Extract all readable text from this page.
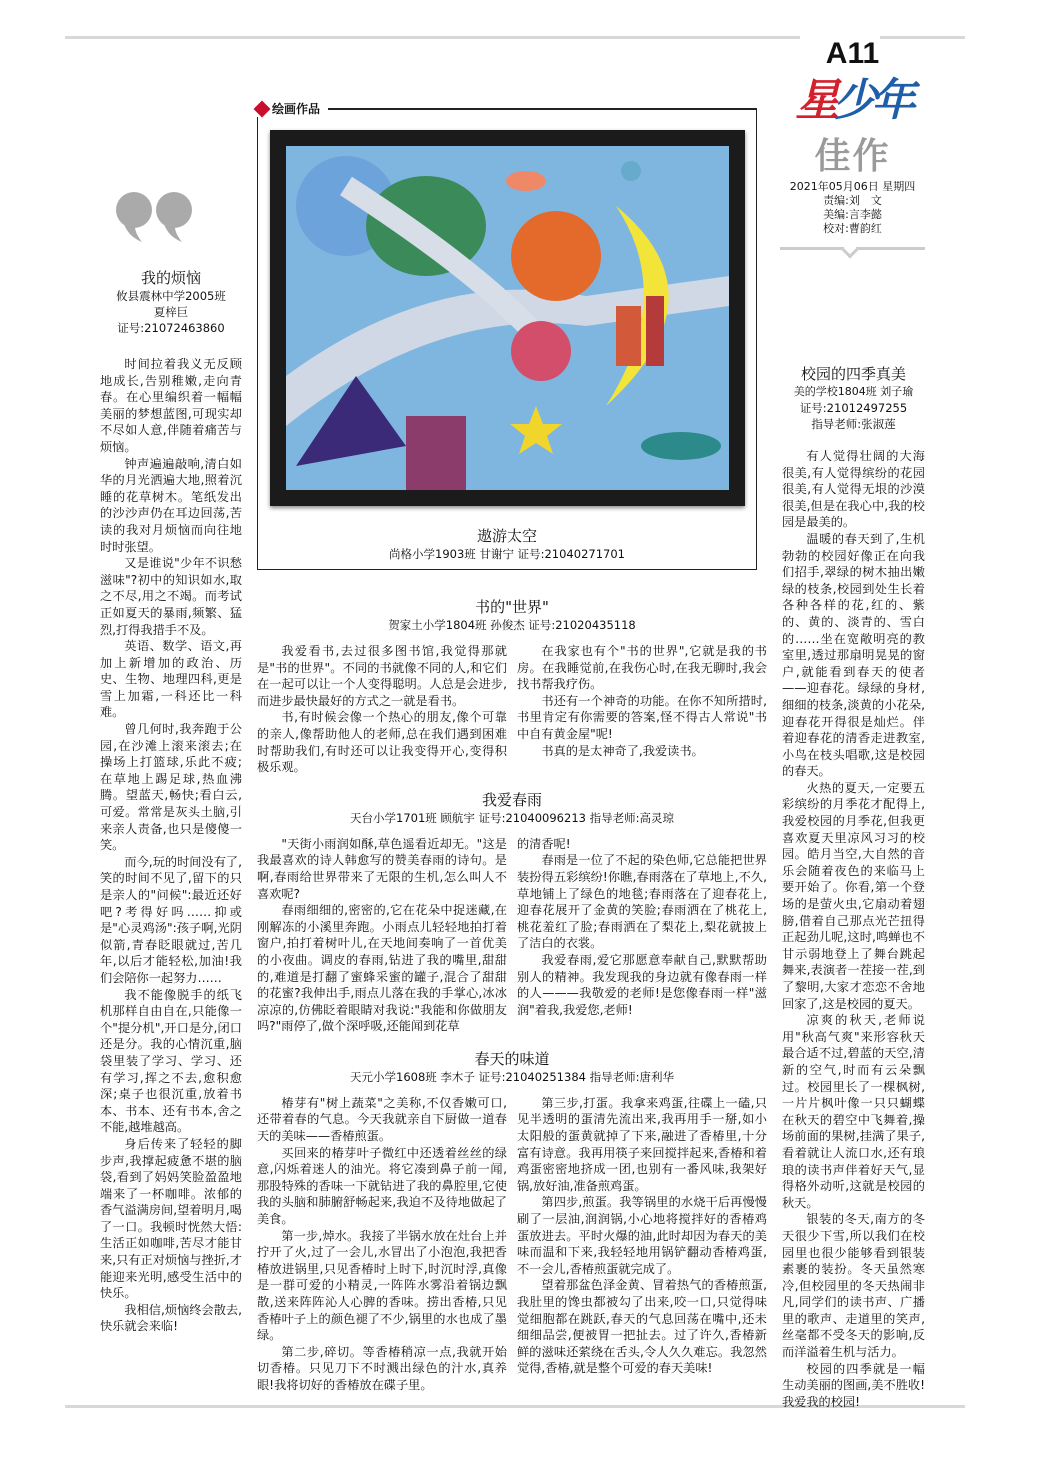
A11
星少年
佳作
2021年05月06日 星期四
责编:刘　文
美编:言李懿
校对:曹韵红
我的烦恼
攸县震林中学2005班
夏梓巨
证号:21072463860

时间拉着我义无反顾地成长,告别稚嫩,走向青春。在心里编织着一幅幅美丽的梦想蓝图,可现实却不尽如人意,伴随着痛苦与烦恼。

钟声遍遍敲响,清白如华的月光洒遍大地,照着沉睡的花草树木。笔纸发出的沙沙声仍在耳边回荡,苦读的我对月烦恼而向往地时时张望。

又是谁说"少年不识愁滋味"?初中的知识如水,取之不尽,用之不竭。而考试正如夏天的暴雨,频繁、猛烈,打得我措手不及。

英语、数学、语文,再加上新增加的政治、历史、生物、地理四科,更是雪上加霜,一科还比一科难。

曾几何时,我奔跑于公园,在沙滩上滚来滚去;在操场上打篮球,乐此不疲;在草地上踢足球,热血沸腾。望蓝天,畅快;看白云,可爱。常常是灰头土脑,引来亲人责备,也只是傻傻一笑。

而今,玩的时间没有了,笑的时间不见了,留下的只是亲人的"问候":最近还好吧?考得好吗……抑或是"心灵鸡汤":孩子啊,光阴似箭,青春眨眼就过,苦几年,以后才能轻松,加油!我们会陪你一起努力……

我不能像脱手的纸飞机那样自由自在,只能像一个"提分机",开口是分,闭口还是分。我的心情沉重,脑袋里装了学习、学习、还有学习,挥之不去,愈积愈深;桌子也很沉重,放着书本、书本、还有书本,舍之不能,越堆越高。

身后传来了轻轻的脚步声,我撑起疲惫不堪的脑袋,看到了妈妈笑脸盈盈地端来了一杯咖啡。浓郁的香气溢满房间,望着明月,喝了一口。我顿时恍然大悟:生活正如咖啡,苦尽才能甘来,只有正对烦恼与挫折,才能迎来光明,感受生活中的快乐。

我相信,烦恼终会散去,快乐就会来临!

绘画作品
遨游太空
尚格小学1903班 甘谢宁 证号:21040271701
书的"世界"
贺家土小学1804班 孙俊杰 证号:21020435118

我爱看书,去过很多图书馆,我觉得那就是"书的世界"。不同的书就像不同的人,和它们在一起可以让一个人变得聪明。人总是会进步,而进步最快最好的方式之一就是看书。

书,有时候会像一个热心的朋友,像个可靠的亲人,像帮助他人的老师,总在我们遇到困难时帮助我们,有时还可以让我变得开心,变得积极乐观。

在我家也有个"书的世界",它就是我的书房。在我睡觉前,在我伤心时,在我无聊时,我会找书帮我疗伤。

书还有一个神奇的功能。在你不知所措时,书里肯定有你需要的答案,怪不得古人常说"书中自有黄金屋"呢!

书真的是太神奇了,我爱读书。

我爱春雨
天台小学1701班 顾航宇 证号:21040096213 指导老师:高灵琼

"天街小雨润如酥,草色遥看近却无。"这是我最喜欢的诗人韩愈写的赞美春雨的诗句。是啊,春雨给世界带来了无限的生机,怎么叫人不喜欢呢?

春雨细细的,密密的,它在花朵中捉迷藏,在刚解冻的小溪里奔跑。小雨点儿轻轻地拍打着窗户,拍打着树叶儿,在天地间奏响了一首优美的小夜曲。调皮的春雨,钻进了我的嘴里,甜甜的,难道是打翻了蜜蜂采蜜的罐子,混合了甜甜的花蜜?我伸出手,雨点儿落在我的手掌心,冰冰凉凉的,仿佛眨着眼睛对我说:"我能和你做朋友吗?"雨停了,做个深呼吸,还能闻到花草

的清香呢!

春雨是一位了不起的染色师,它总能把世界装扮得五彩缤纷!你瞧,春雨落在了草地上,不久,草地铺上了绿色的地毯;春雨落在了迎春花上,迎春花展开了金黄的笑脸;春雨洒在了桃花上,桃花羞红了脸;春雨洒在了梨花上,梨花就披上了洁白的衣裳。

我爱春雨,爱它那愿意奉献自己,默默帮助别人的精神。我发现我的身边就有像春雨一样的人———我敬爱的老师!是您像春雨一样"滋润"着我,我爱您,老师!

春天的味道
天元小学1608班 李木子 证号:21040251384 指导老师:唐利华

椿芽有"树上蔬菜"之美称,不仅香嫩可口,还带着春的气息。今天我就亲自下厨做一道春天的美味——香椿煎蛋。

买回来的椿芽叶子微红中还透着丝丝的绿意,闪烁着迷人的油光。将它凑到鼻子前一闻,那股特殊的香味一下就钻进了我的鼻腔里,它使我的头脑和肺腑舒畅起来,我迫不及待地做起了美食。

第一步,焯水。我接了半锅水放在灶台上并拧开了火,过了一会儿,水冒出了小泡泡,我把香椿放进锅里,只见香椿时上时下,时沉时浮,真像是一群可爱的小精灵,一阵阵水雾沿着锅边飘散,送来阵阵沁人心脾的香味。捞出香椿,只见香椿叶子上的颜色褪了不少,锅里的水也成了墨绿。

第二步,碎切。等香椿稍凉一点,我就开始切香椿。只见刀下不时溅出绿色的汁水,真养眼!我将切好的香椿放在碟子里。

第三步,打蛋。我拿来鸡蛋,往碟上一磕,只见半透明的蛋清先流出来,我再用手一掰,如小太阳般的蛋黄就掉了下来,融进了香椿里,十分富有诗意。我再用筷子来回搅拌起来,香椿和着鸡蛋密密地挤成一团,也别有一番风味,我架好锅,放好油,准备煎鸡蛋。

第四步,煎蛋。我等锅里的水烧干后再慢慢刷了一层油,润润锅,小心地将搅拌好的香椿鸡蛋放进去。平时火爆的油,此时却因为春天的美味而温和下来,我轻轻地用锅铲翻动香椿鸡蛋,不一会儿,香椿煎蛋就完成了。

望着那盆色泽金黄、冒着热气的香椿煎蛋,我肚里的馋虫都被勾了出来,咬一口,只觉得味觉细胞都在跳跃,春天的气息回荡在嘴中,还未细细品尝,便被胃一把扯去。过了许久,香椿新鲜的滋味还萦绕在舌头,令人久久难忘。我忽然觉得,香椿,就是整个可爱的春天美味!

校园的四季真美
美的学校1804班 刘子瑜
证号:21012497255
指导老师:张淑莲

有人觉得壮阔的大海很美,有人觉得缤纷的花园很美,有人觉得无垠的沙漠很美,但是在我心中,我的校园是最美的。

温暖的春天到了,生机勃勃的校园好像正在向我们招手,翠绿的树木抽出嫩绿的枝条,校园到处生长着各种各样的花,红的、紫的、黄的、淡青的、雪白的……坐在宽敞明亮的教室里,透过那扇明晃晃的窗户,就能看到春天的使者——迎春花。绿绿的身材,细细的枝条,淡黄的小花朵,迎春花开得很是灿烂。伴着迎春花的清香走进教室,小鸟在枝头唱歌,这是校园的春天。

火热的夏天,一定要五彩缤纷的月季花才配得上,我爱校园的月季花,但我更喜欢夏天里凉风习习的校园。皓月当空,大自然的音乐会随着夜色的来临马上要开始了。你看,第一个登场的是萤火虫,它扇动着翅膀,借着自己那点光芒扭得正起劲儿呢,这时,鸣蝉也不甘示弱地登上了舞台跳起舞来,表演者一茬接一茬,到了黎明,大家才恋恋不舍地回家了,这是校园的夏天。

凉爽的秋天,老师说用"秋高气爽"来形容秋天最合适不过,碧蓝的天空,清新的空气,时而有云朵飘过。校园里长了一棵枫树,一片片枫叶像一只只蝴蝶在秋天的碧空中飞舞着,操场前面的果树,挂满了果子,看着就让人流口水,还有琅琅的读书声伴着好天气,显得格外动听,这就是校园的秋天。

银装的冬天,南方的冬天很少下雪,所以我们在校园里也很少能够看到银装素裹的装扮。冬天虽然寒冷,但校园里的冬天热闹非凡,同学们的读书声、广播里的歌声、走道里的笑声,丝毫都不受冬天的影响,反而洋溢着生机与活力。

校园的四季就是一幅生动美丽的图画,美不胜收!我爱我的校园!
